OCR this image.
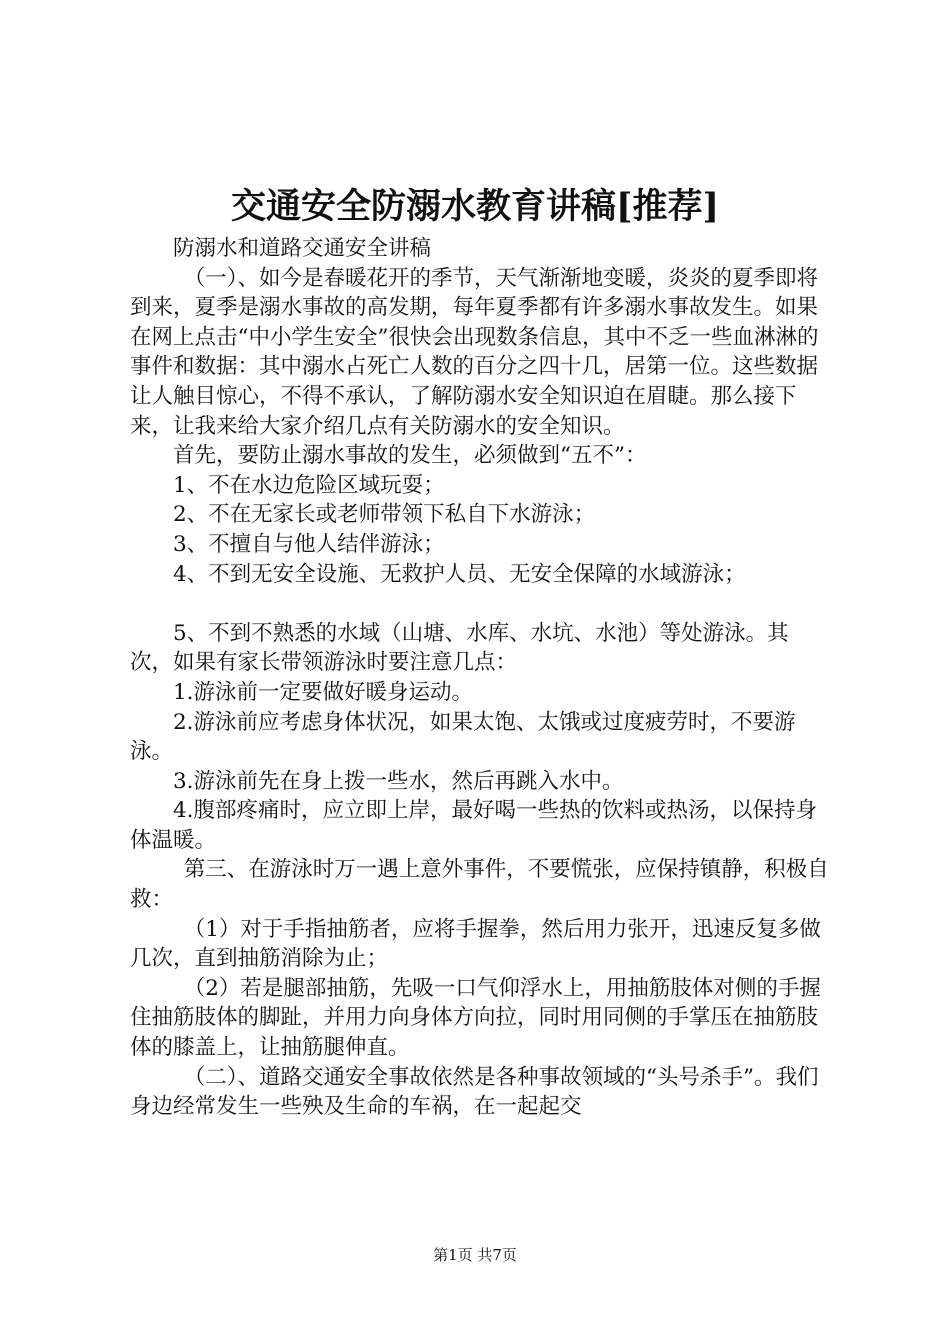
交通安全防溺水教育讲稿[推荐]

防溺水和道路交通安全讲稿

（一）、如今是春暖花开的季节，天气渐渐地变暖，炎炎的夏季即将到来，夏季是溺水事故的高发期，每年夏季都有许多溺水事故发生。如果在网上点击“中小学生安全”很快会出现数条信息，其中不乏一些血淋淋的事件和数据：其中溺水占死亡人数的百分之四十几，居第一位。这些数据让人触目惊心，不得不承认，了解防溺水安全知识迫在眉睫。那么接下来，让我来给大家介绍几点有关防溺水的安全知识。

首先，要防止溺水事故的发生，必须做到“五不”：

1、不在水边危险区域玩耍；

2、不在无家长或老师带领下私自下水游泳；

3、不擅自与他人结伴游泳；

4、不到无安全设施、无救护人员、无安全保障的水域游泳；

5、不到不熟悉的水域（山塘、水库、水坑、水池）等处游泳。其次，如果有家长带领游泳时要注意几点：

1.游泳前一定要做好暖身运动。

2.游泳前应考虑身体状况，如果太饱、太饿或过度疲劳时，不要游泳。

3.游泳前先在身上拨一些水，然后再跳入水中。

4.腹部疼痛时，应立即上岸，最好喝一些热的饮料或热汤，以保持身体温暖。

第三、在游泳时万一遇上意外事件，不要慌张，应保持镇静，积极自救：

（1）对于手指抽筋者，应将手握拳，然后用力张开，迅速反复多做几次，直到抽筋消除为止；

（2）若是腿部抽筋，先吸一口气仰浮水上，用抽筋肢体对侧的手握住抽筋肢体的脚趾，并用力向身体方向拉，同时用同侧的手掌压在抽筋肢体的膝盖上，让抽筋腿伸直。

（二）、道路交通安全事故依然是各种事故领域的“头号杀手”。我们身边经常发生一些殃及生命的车祸，在一起起交

第1页 共7页
